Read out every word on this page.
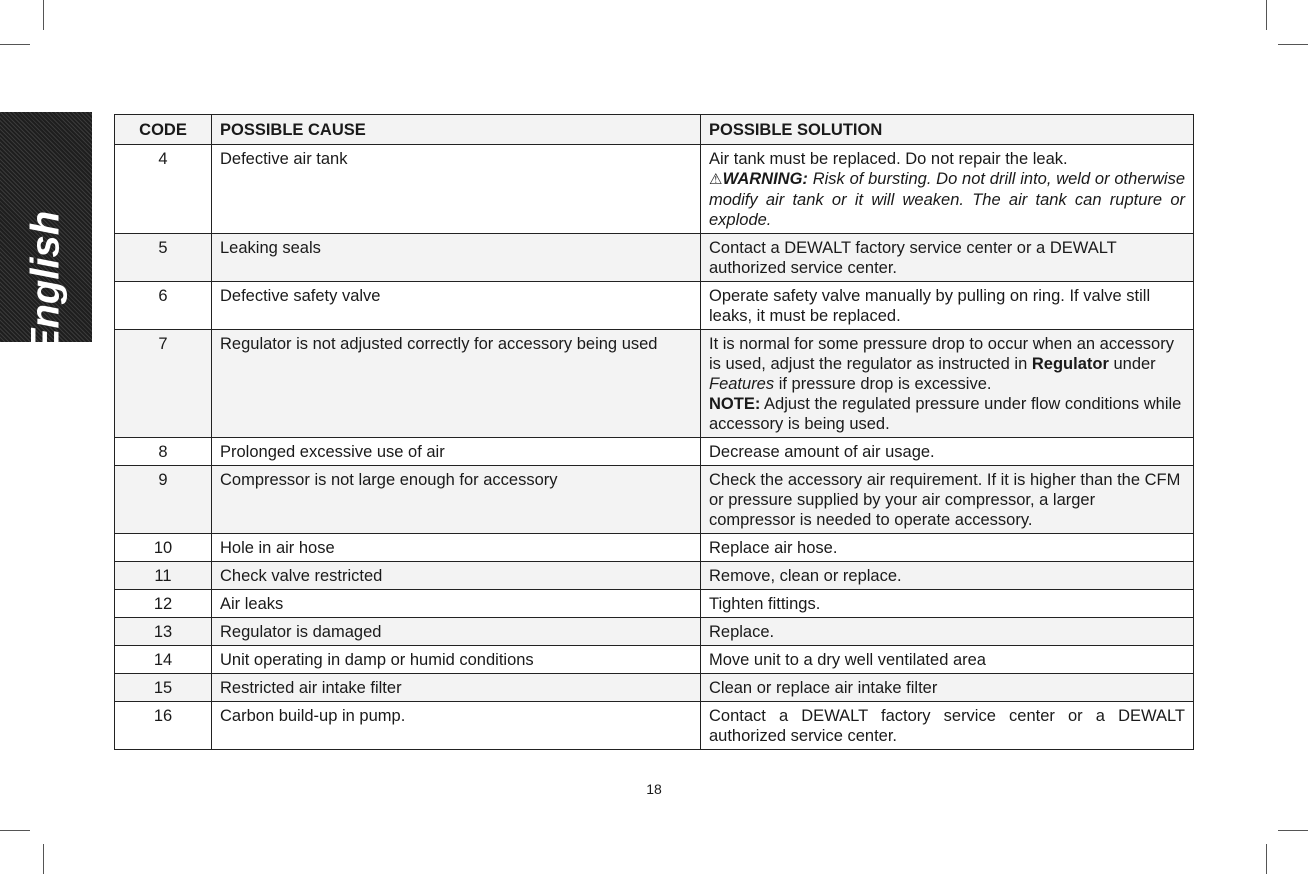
English
CODE	POSSIBLE CAUSE	POSSIBLE SOLUTION
4	Defective air tank	Air tank must be replaced. Do not repair the leak.
⚠WARNING: Risk of bursting. Do not drill into, weld or otherwise modify air tank or it will weaken. The air tank can rupture or explode.

5	Leaking seals	Contact a DEWALT factory service center or a DEWALT authorized service center.
6	Defective safety valve	Operate safety valve manually by pulling on ring. If valve still leaks, it must be replaced.
7	Regulator is not adjusted correctly for accessory being used	It is normal for some pressure drop to occur when an accessory is used, adjust the regulator as instructed in Regulator under Features if pressure drop is excessive.
NOTE: Adjust the regulated pressure under flow conditions while accessory is being used.

8	Prolonged excessive use of air	Decrease amount of air usage.
9	Compressor is not large enough for accessory	Check the accessory air requirement. If it is higher than the CFM or pressure supplied by your air compressor, a larger compressor is needed to operate accessory.
10	Hole in air hose	Replace air hose.
11	Check valve restricted	Remove, clean or replace.
12	Air leaks	Tighten fittings.
13	Regulator is damaged	Replace.
14	Unit operating in damp or humid conditions	Move unit to a dry well ventilated area
15	Restricted air intake filter	Clean or replace air intake filter
16	Carbon build-up in pump.	Contact a DEWALT factory service center or a DEWALT authorized service center.
18
